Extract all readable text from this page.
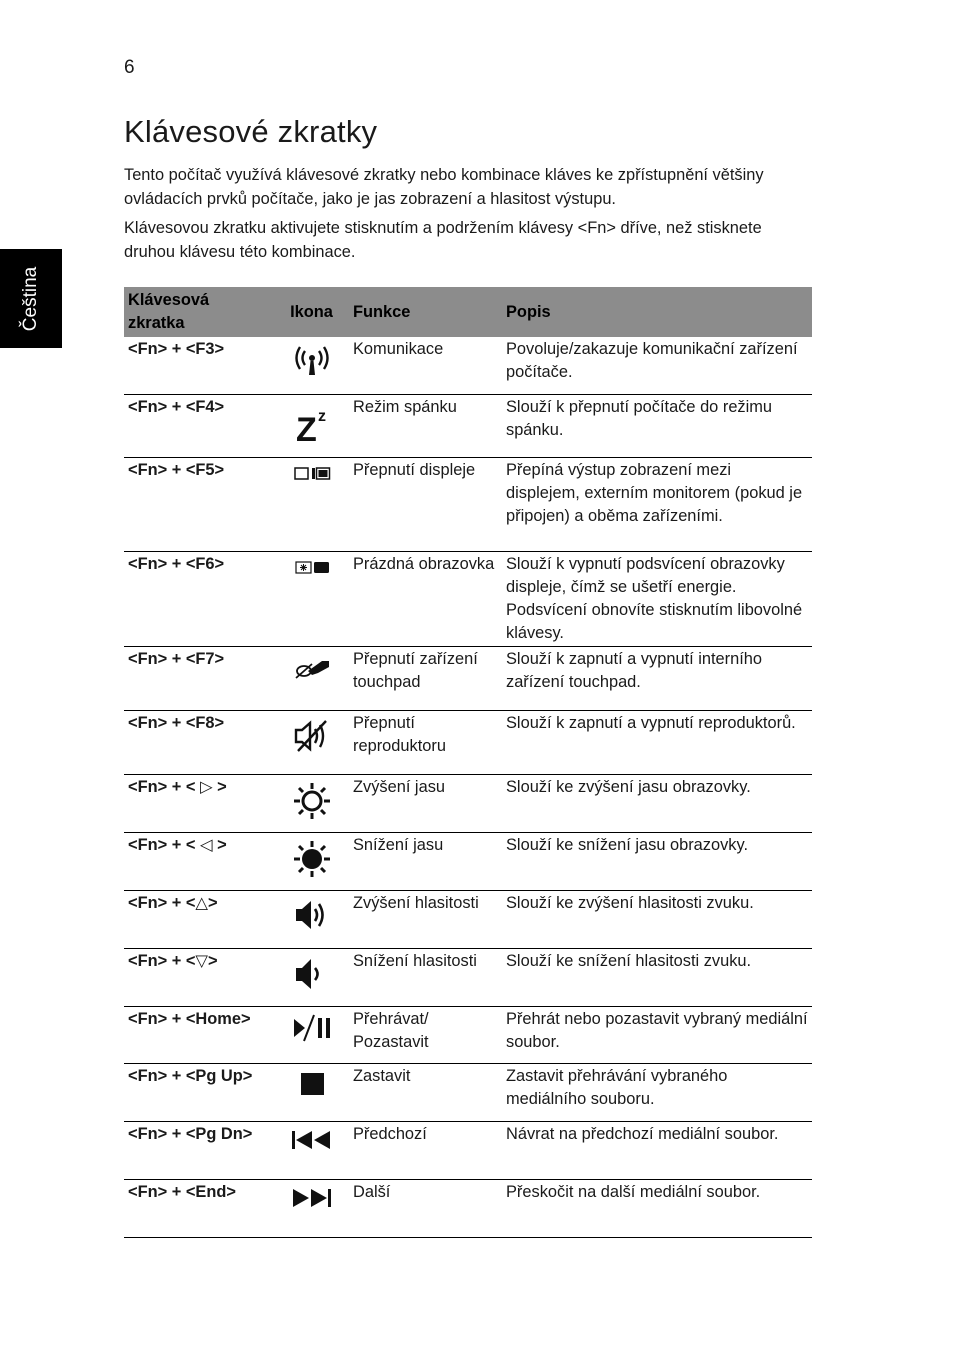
6
Čeština
Klávesové zkratky

Tento počítač využívá klávesové zkratky nebo kombinace kláves ke zpřístupnění většiny ovládacích prvků počítače, jako je jas zobrazení a hlasitost výstupu.

Klávesovou zkratku aktivujete stisknutím a podržením klávesy <Fn> dříve, než stisknete druhou klávesu této kombinace.

Klávesová zkratka	Ikona	Funkce	Popis
<Fn> + <F3>		Komunikace	Povoluje/zakazuje komunikační zařízení počítače.
<Fn> + <F4>	Z z	Režim spánku	Slouží k přepnutí počítače do režimu spánku.
<Fn> + <F5>		Přepnutí displeje	Přepíná výstup zobrazení mezi displejem, externím monitorem (pokud je připojen) a oběma zařízeními.
<Fn> + <F6>		Prázdná obrazovka	Slouží k vypnutí podsvícení obrazovky displeje, čímž se ušetří energie. Podsvícení obnovíte stisknutím libovolné klávesy.
<Fn> + <F7>		Přepnutí zařízení touchpad	Slouží k zapnutí a vypnutí interního zařízení touchpad.
<Fn> + <F8>		Přepnutí reproduktoru	Slouží k zapnutí a vypnutí reproduktorů.
<Fn> + < ▷ >		Zvýšení jasu	Slouží ke zvýšení jasu obrazovky.
<Fn> + < ◁ >		Snížení jasu	Slouží ke snížení jasu obrazovky.
<Fn> + <△>		Zvýšení hlasitosti	Slouží ke zvýšení hlasitosti zvuku.
<Fn> + <▽>		Snížení hlasitosti	Slouží ke snížení hlasitosti zvuku.
<Fn> + <Home>		Přehrávat/ Pozastavit	Přehrát nebo pozastavit vybraný mediální soubor.
<Fn> + <Pg Up>		Zastavit	Zastavit přehrávání vybraného mediálního souboru.
<Fn> + <Pg Dn>		Předchozí	Návrat na předchozí mediální soubor.
<Fn> + <End>		Další	Přeskočit na další mediální soubor.
